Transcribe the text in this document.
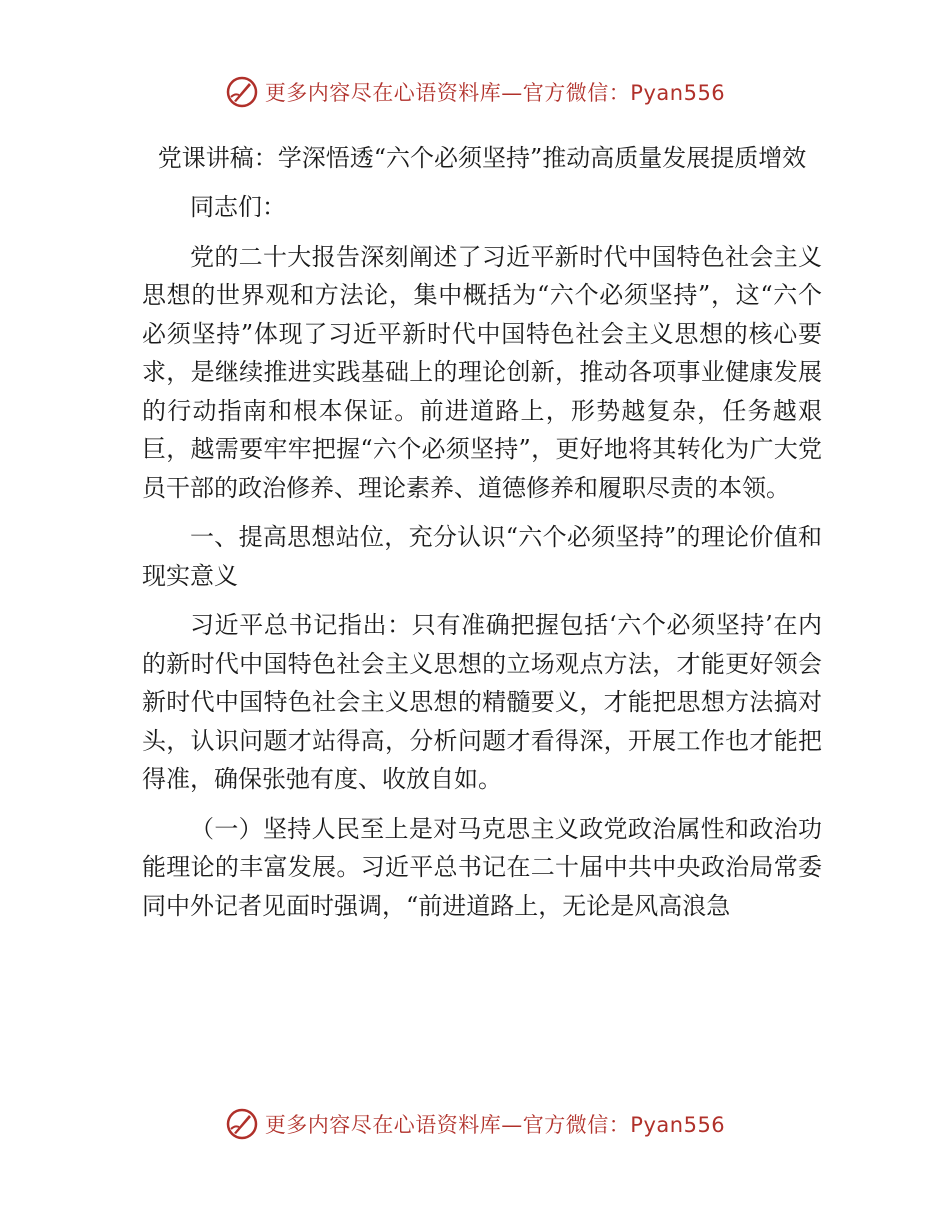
更多内容尽在心语资料库—官方微信：Pyan556
党课讲稿：学深悟透“六个必须坚持”推动高质量发展提质增效

同志们：

党的二十大报告深刻阐述了习近平新时代中国特色社会主义思想的世界观和方法论，集中概括为“六个必须坚持”，这“六个必须坚持”体现了习近平新时代中国特色社会主义思想的核心要求，是继续推进实践基础上的理论创新，推动各项事业健康发展的行动指南和根本保证。前进道路上，形势越复杂，任务越艰巨，越需要牢牢把握“六个必须坚持”，更好地将其转化为广大党员干部的政治修养、理论素养、道德修养和履职尽责的本领。

一、提高思想站位，充分认识“六个必须坚持”的理论价值和现实意义

习近平总书记指出：只有准确把握包括‘六个必须坚持’在内的新时代中国特色社会主义思想的立场观点方法，才能更好领会新时代中国特色社会主义思想的精髓要义，才能把思想方法搞对头，认识问题才站得高，分析问题才看得深，开展工作也才能把得准，确保张弛有度、收放自如。

（一）坚持人民至上是对马克思主义政党政治属性和政治功能理论的丰富发展。习近平总书记在二十届中共中央政治局常委同中外记者见面时强调，“前进道路上，无论是风高浪急

更多内容尽在心语资料库—官方微信：Pyan556
